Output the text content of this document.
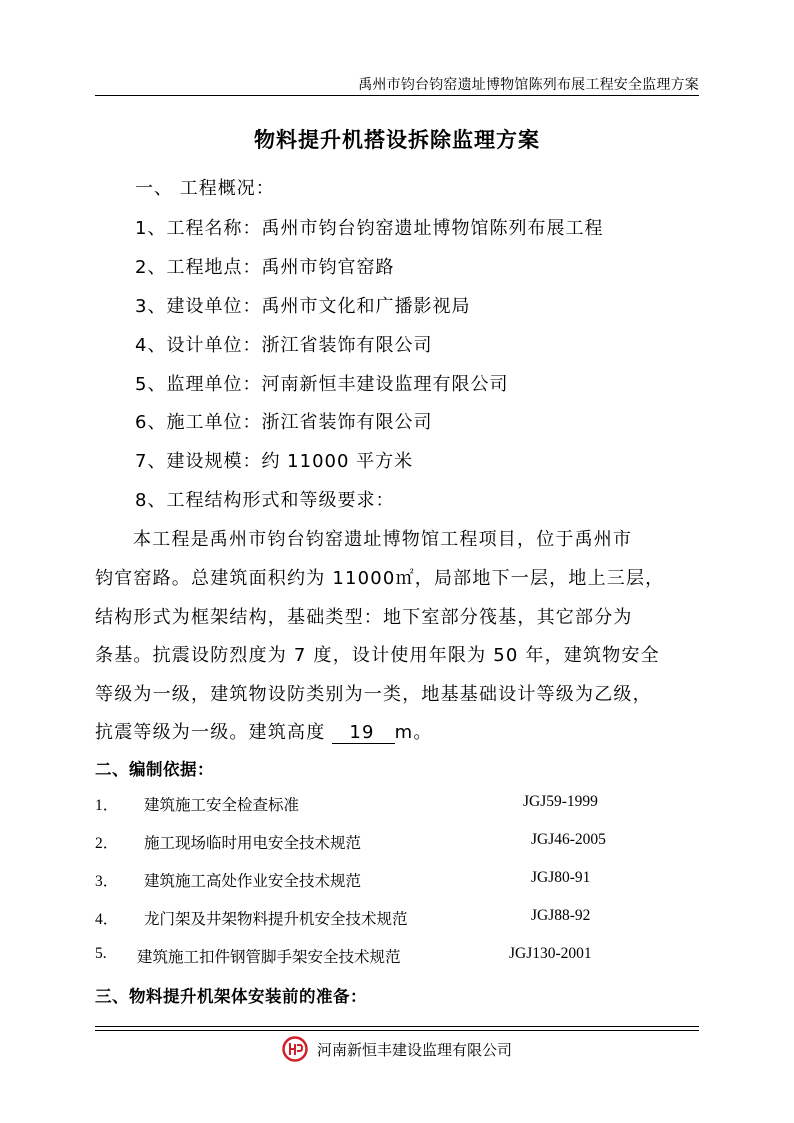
禹州市钧台钧窑遗址博物馆陈列布展工程安全监理方案
物料提升机搭设拆除监理方案
一、 工程概况：
1、工程名称：禹州市钧台钧窑遗址博物馆陈列布展工程
2、工程地点：禹州市钧官窑路
3、建设单位：禹州市文化和广播影视局
4、设计单位：浙江省装饰有限公司
5、监理单位：河南新恒丰建设监理有限公司
6、施工单位：浙江省装饰有限公司
7、建设规模：约 11000 平方米
8、工程结构形式和等级要求：
本工程是禹州市钧台钧窑遗址博物馆工程项目，位于禹州市
钧官窑路。总建筑面积约为 11000㎡，局部地下一层，地上三层，
结构形式为框架结构，基础类型：地下室部分筏基，其它部分为
条基。抗震设防烈度为 7 度，设计使用年限为 50 年，建筑物安全
等级为一级，建筑物设防类别为一类，地基基础设计等级为乙级，
抗震等级为一级。建筑高度 19 m。
二、编制依据：
1． 建筑施工安全检查标准	JGJ59-1999
2． 施工现场临时用电安全技术规范	JGJ46-2005
3． 建筑施工高处作业安全技术规范	JGJ80-91
4． 龙门架及井架物料提升机安全技术规范	JGJ88-92
5. 建筑施工扣件钢管脚手架安全技术规范	JGJ130-2001
三、物料提升机架体安装前的准备：
河南新恒丰建设监理有限公司
